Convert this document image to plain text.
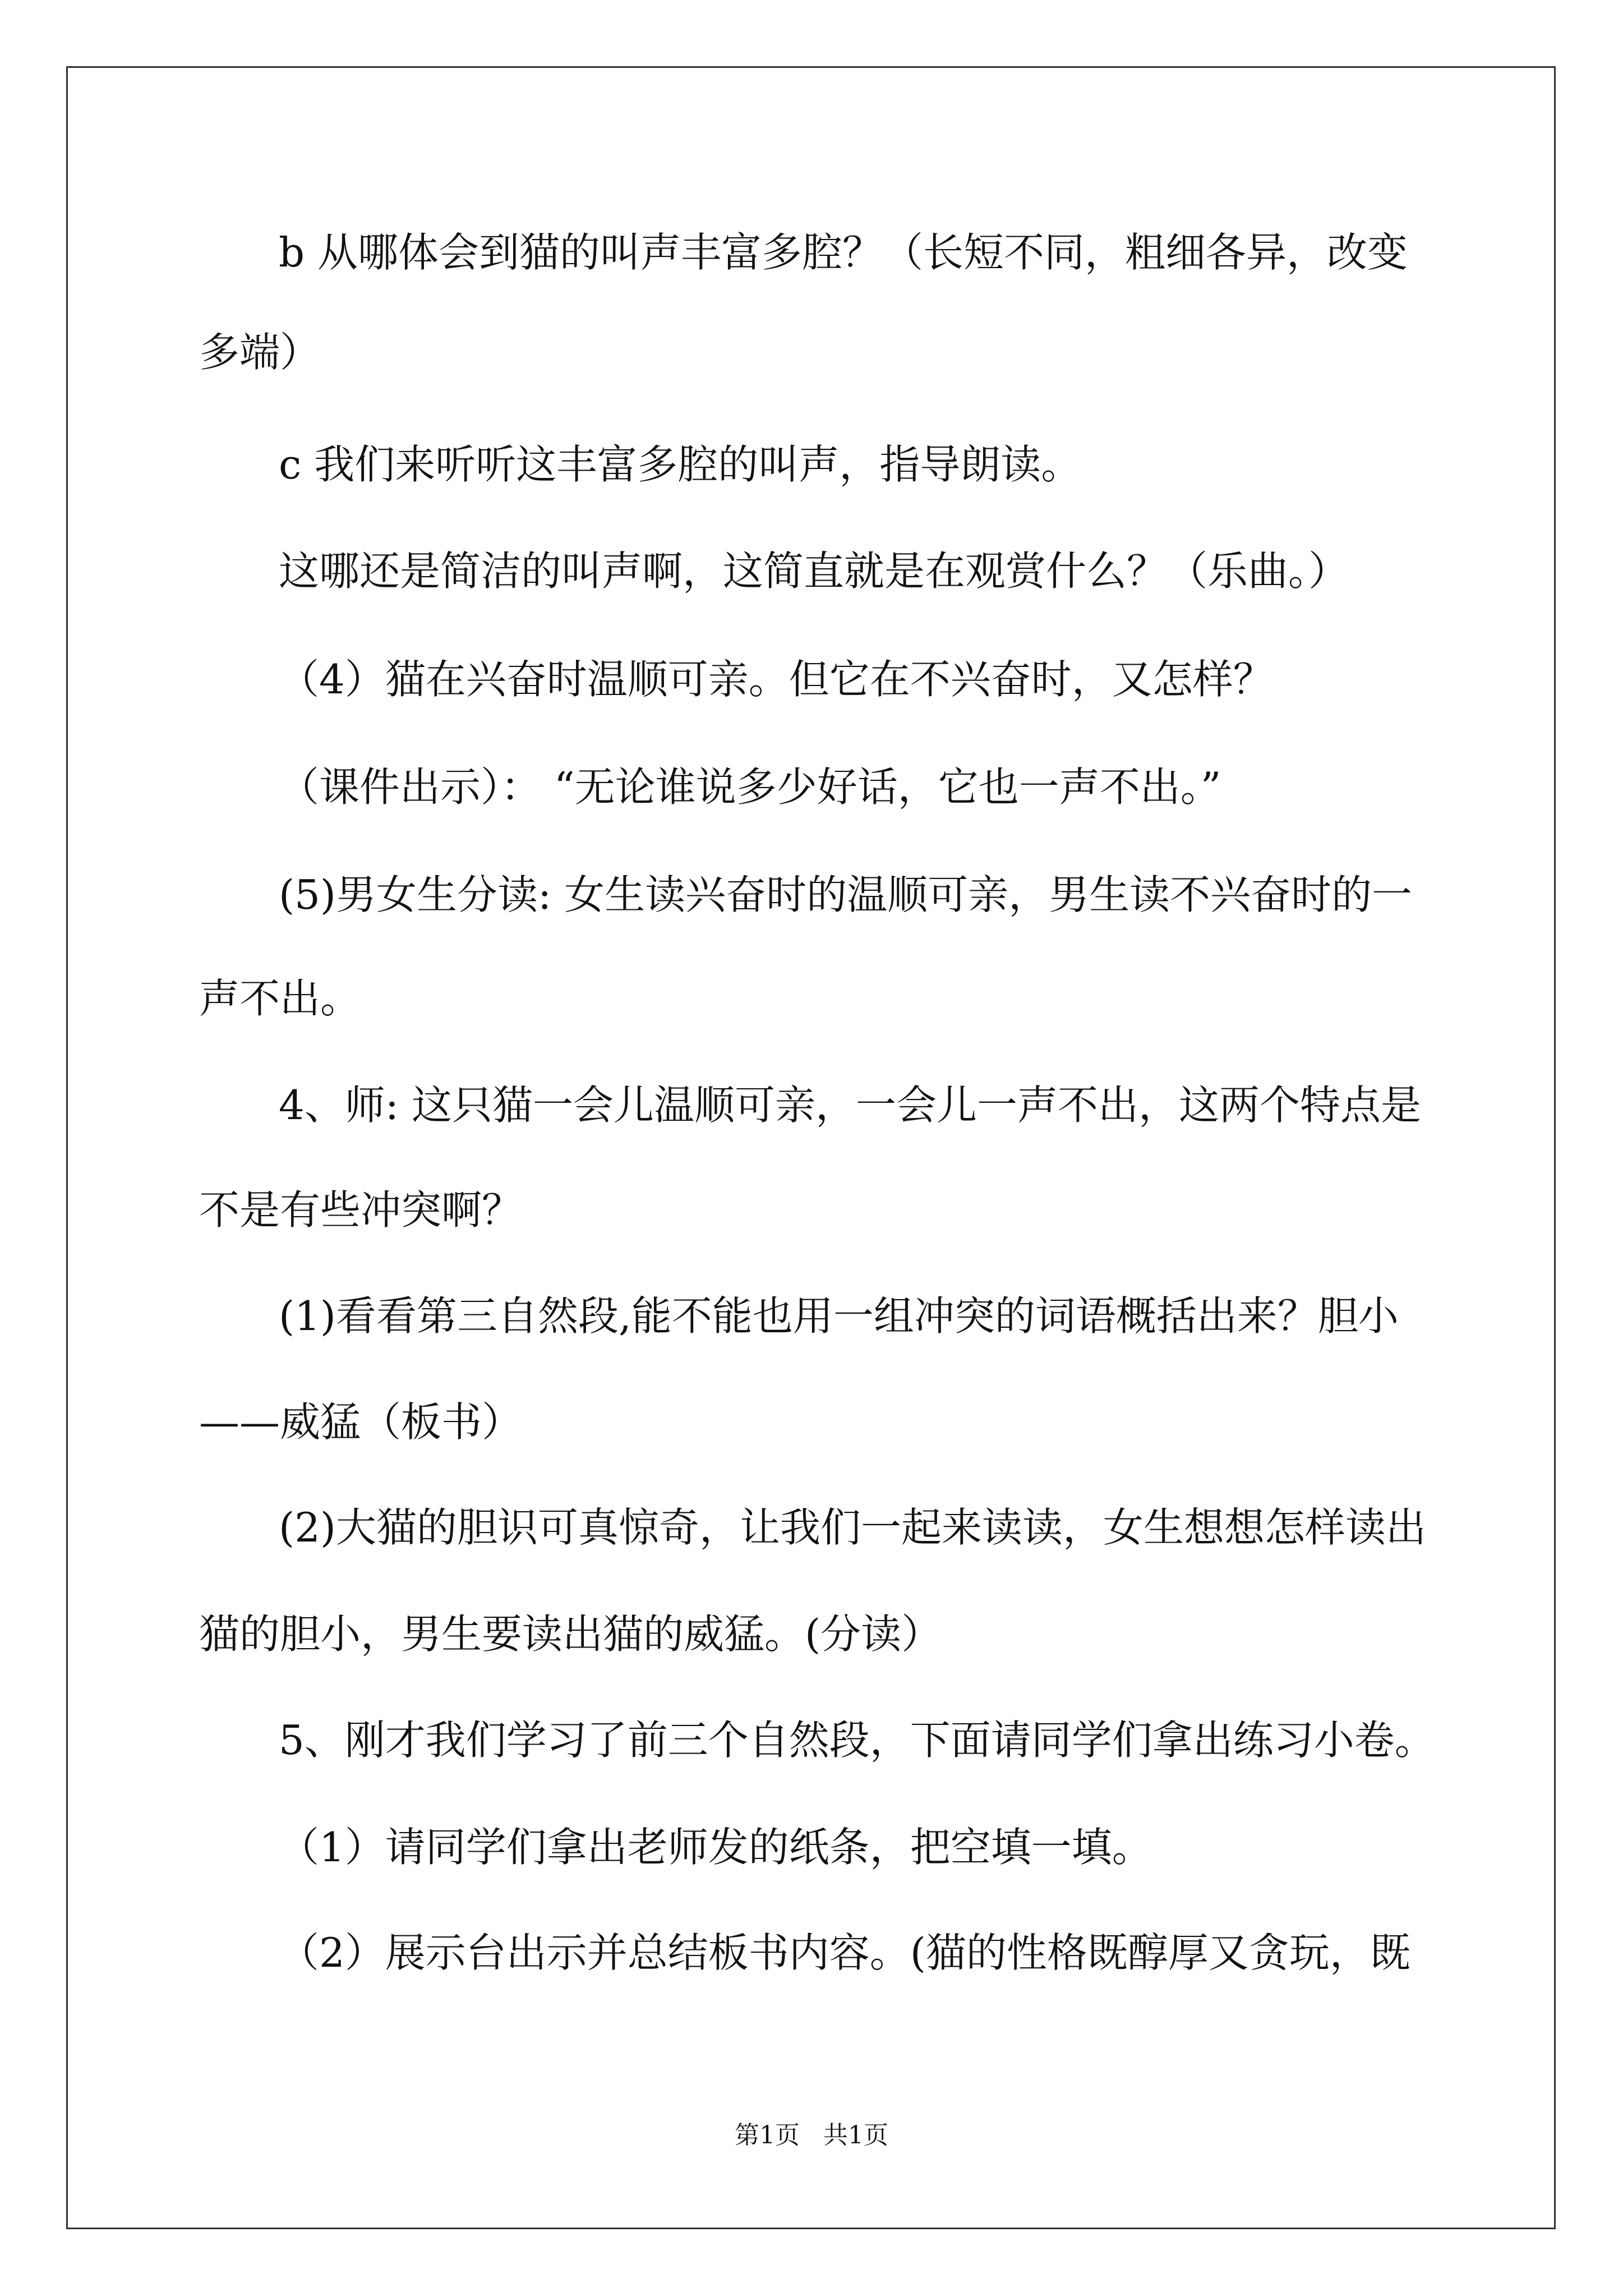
b 从哪体会到猫的叫声丰富多腔？（长短不同，粗细各异，改变

多端）

c 我们来听听这丰富多腔的叫声，指导朗读。

这哪还是简洁的叫声啊，这简直就是在观赏什么？（乐曲。）

（4）猫在兴奋时温顺可亲。但它在不兴奋时，又怎样？

（课件出示）： “无论谁说多少好话，它也一声不出。”

(5)男女生分读: 女生读兴奋时的温顺可亲，男生读不兴奋时的一

声不出。

4、师: 这只猫一会儿温顺可亲，一会儿一声不出，这两个特点是

不是有些冲突啊？

(1)看看第三自然段,能不能也用一组冲突的词语概括出来？胆小

——威猛（板书）

(2)大猫的胆识可真惊奇，让我们一起来读读，女生想想怎样读出

猫的胆小，男生要读出猫的威猛。(分读）

5、刚才我们学习了前三个自然段，下面请同学们拿出练习小卷。

（1）请同学们拿出老师发的纸条，把空填一填。

（2）展示台出示并总结板书内容。(猫的性格既醇厚又贪玩，既

第1页   共1页
